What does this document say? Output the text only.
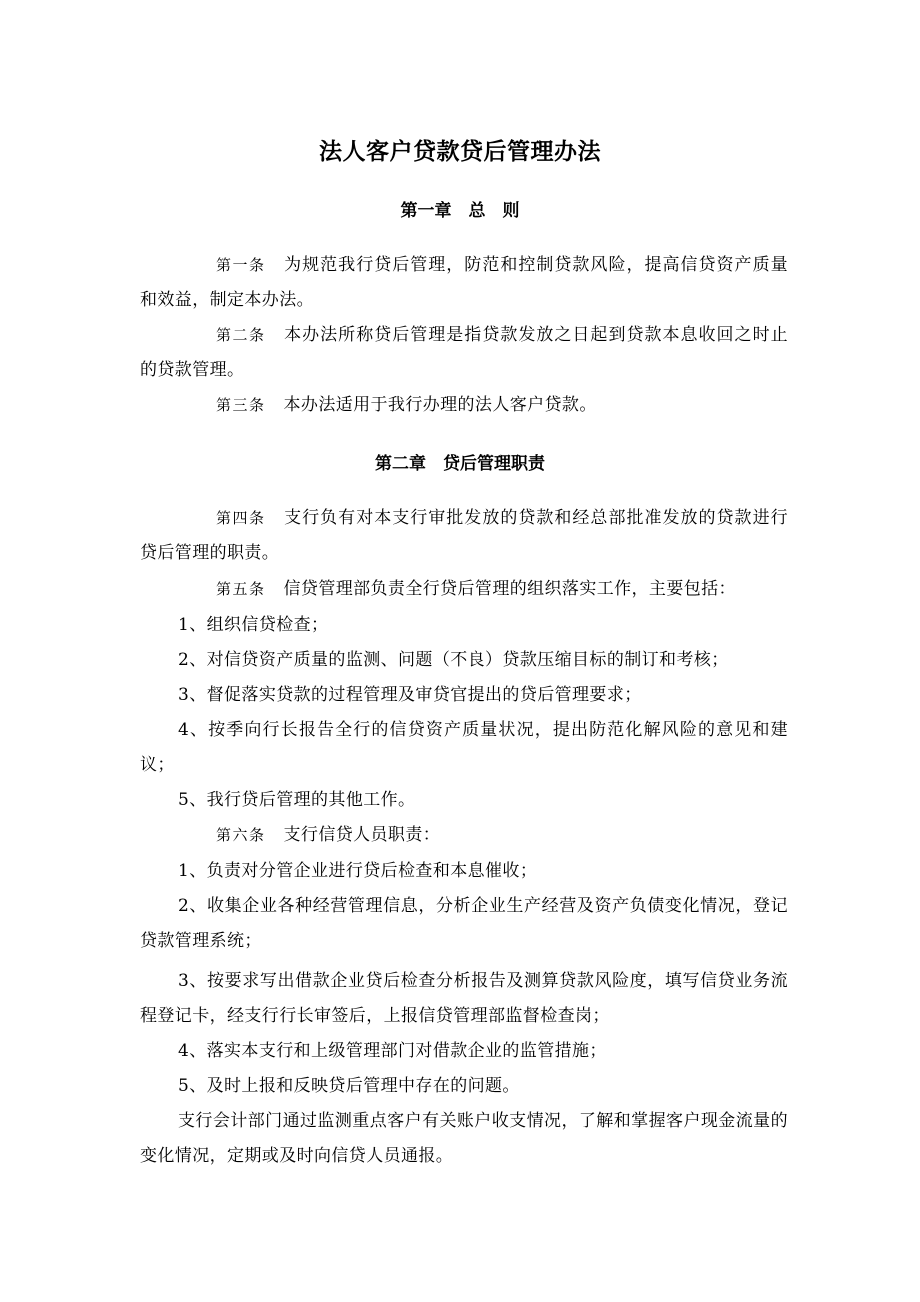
法人客户贷款贷后管理办法
第一章　总　则

第一条 为规范我行贷后管理，防范和控制贷款风险，提高信贷资产质量和效益，制定本办法。

第二条 本办法所称贷后管理是指贷款发放之日起到贷款本息收回之时止的贷款管理。

第三条 本办法适用于我行办理的法人客户贷款。

第二章　贷后管理职责

第四条 支行负有对本支行审批发放的贷款和经总部批准发放的贷款进行贷后管理的职责。

第五条 信贷管理部负责全行贷后管理的组织落实工作，主要包括：

1、组织信贷检查；

2、对信贷资产质量的监测、问题（不良）贷款压缩目标的制订和考核；

3、督促落实贷款的过程管理及审贷官提出的贷后管理要求；

4、按季向行长报告全行的信贷资产质量状况，提出防范化解风险的意见和建议；

5、我行贷后管理的其他工作。

第六条 支行信贷人员职责：

1、负责对分管企业进行贷后检查和本息催收；

2、收集企业各种经营管理信息，分析企业生产经营及资产负债变化情况，登记贷款管理系统；

3、按要求写出借款企业贷后检查分析报告及测算贷款风险度，填写信贷业务流程登记卡，经支行行长审签后，上报信贷管理部监督检查岗；

4、落实本支行和上级管理部门对借款企业的监管措施；

5、及时上报和反映贷后管理中存在的问题。

支行会计部门通过监测重点客户有关账户收支情况，了解和掌握客户现金流量的变化情况，定期或及时向信贷人员通报。
